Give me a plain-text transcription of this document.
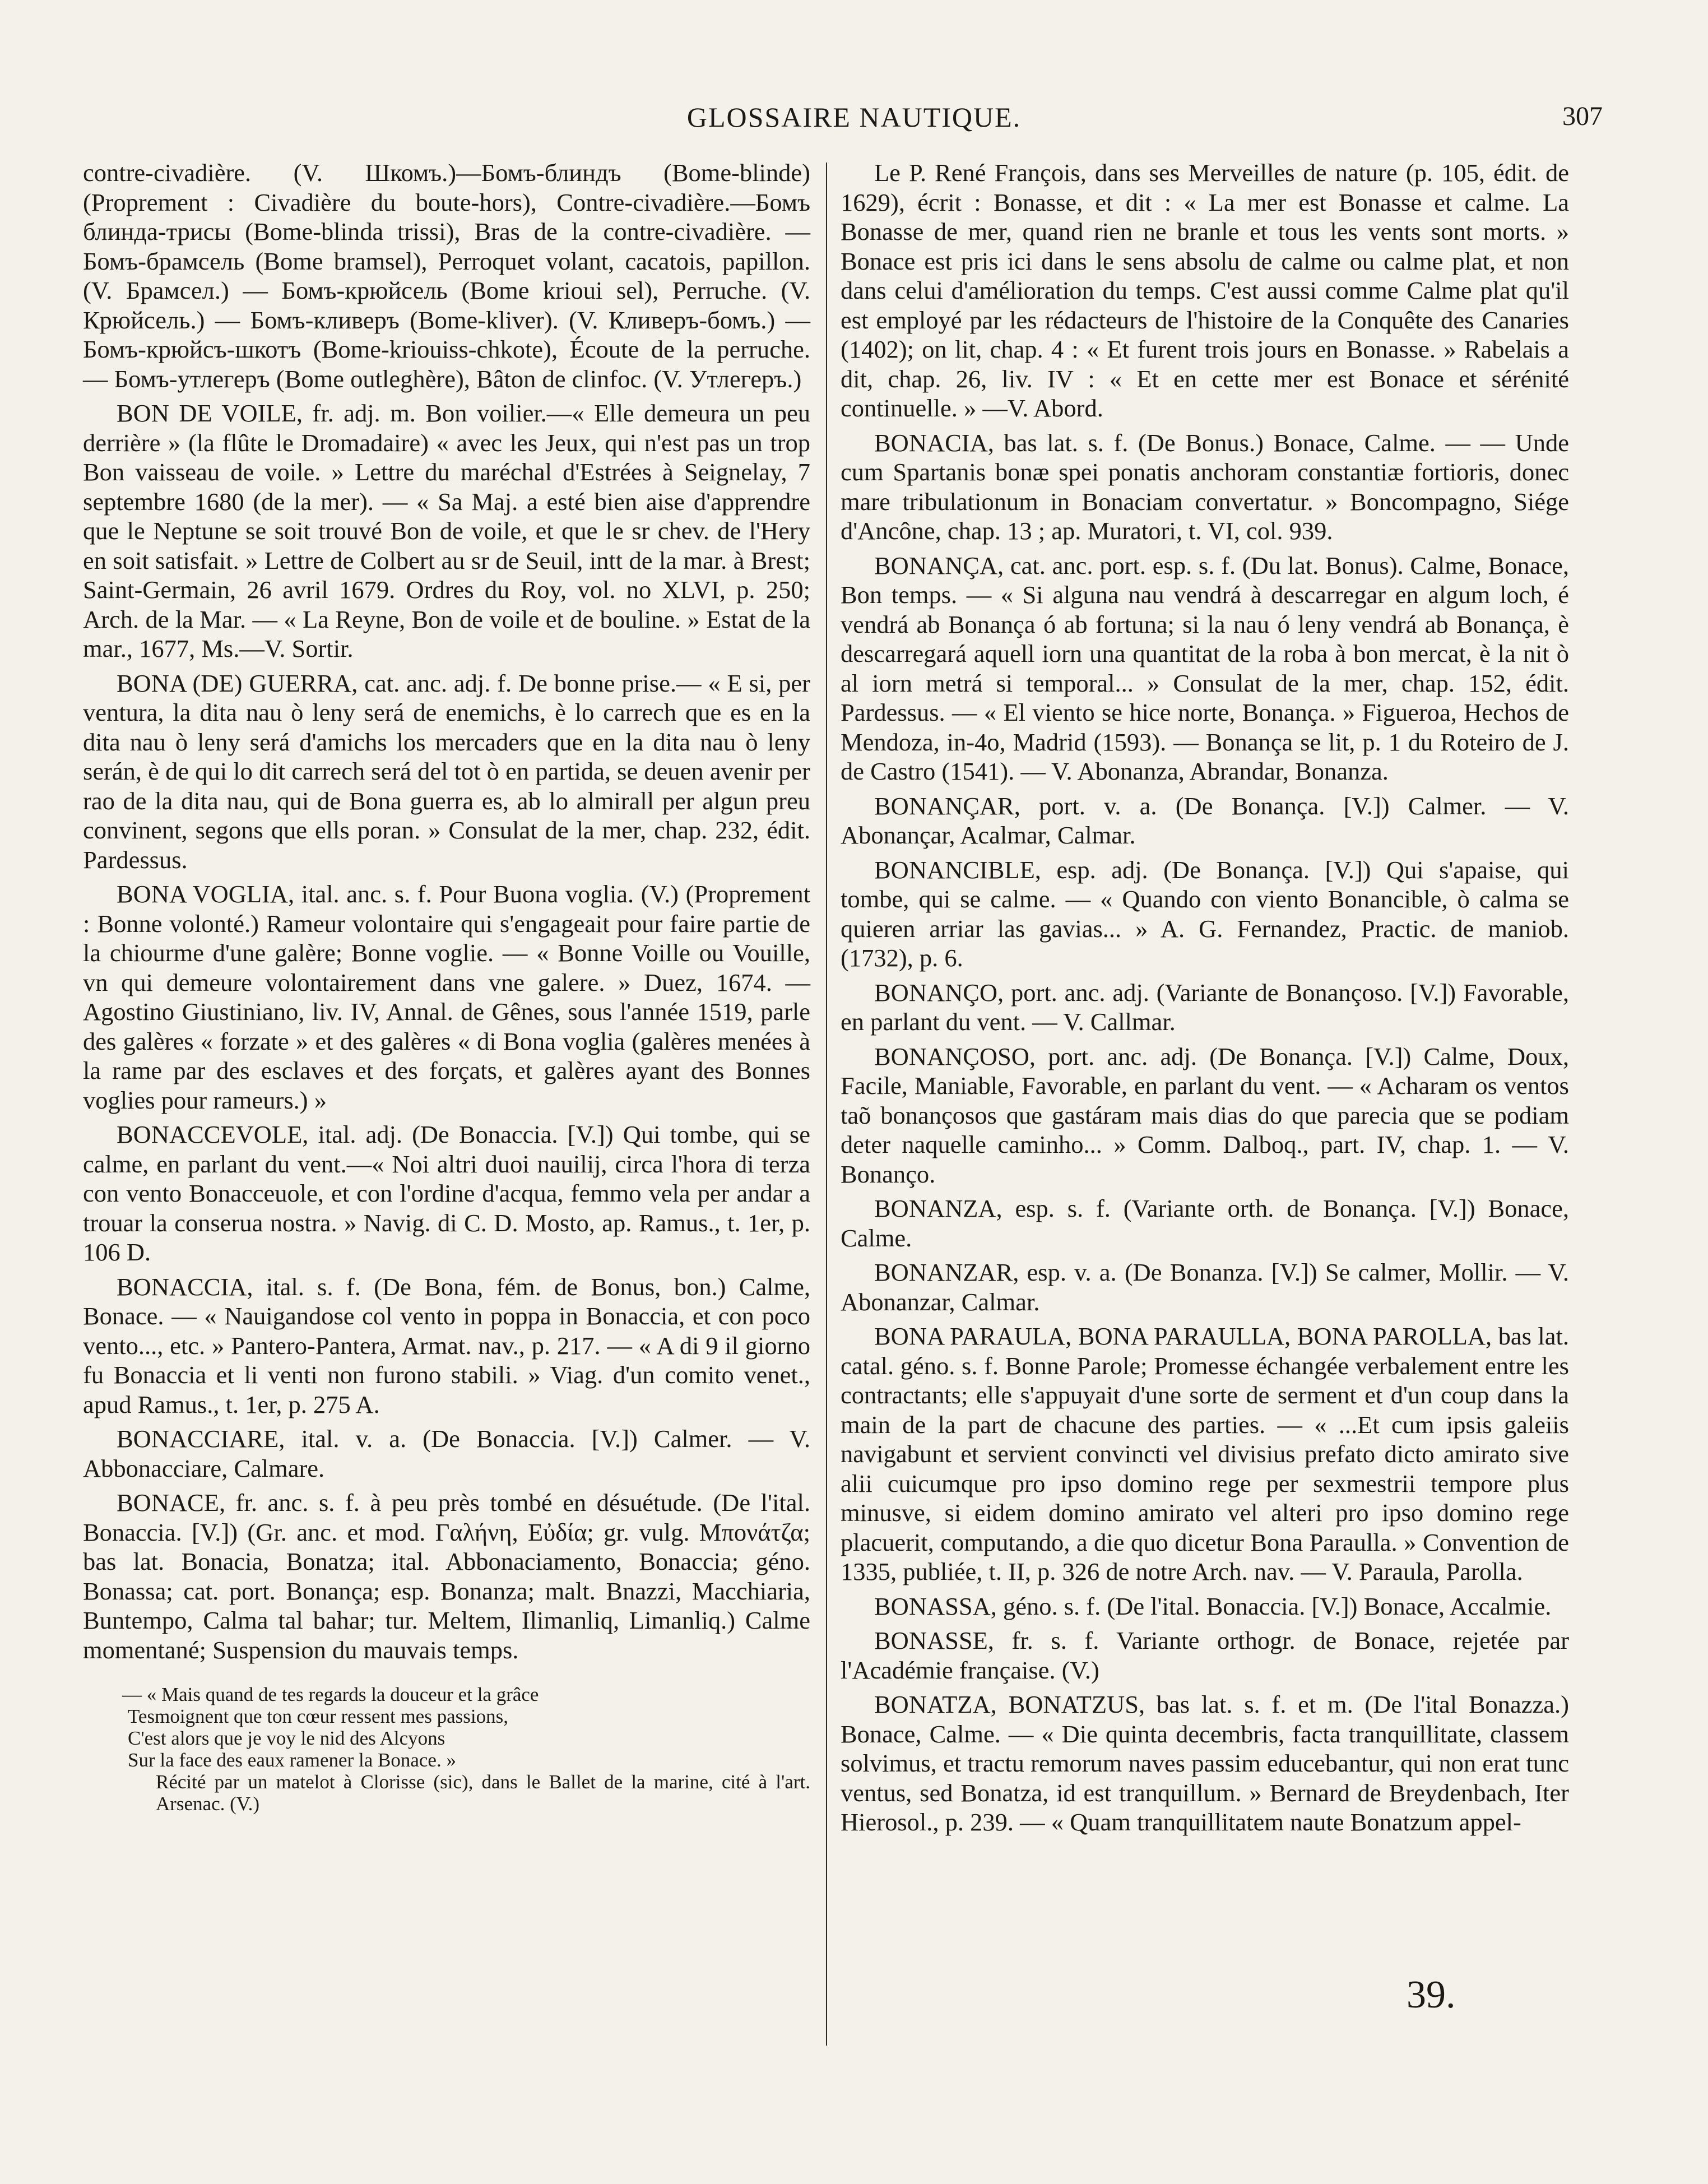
GLOSSAIRE NAUTIQUE.	307

contre-civadière. (V. Шкомъ.)—Бомъ-блиндъ (Bome-blinde) (Proprement : Civadière du boute-hors), Contre-civadière.—Бомъ блинда-триcы (Bome-blinda trissi), Bras de la contre-civadière. — Бомъ-брамсель (Bome bramsel), Perroquet volant, cacatois, papillon. (V. Брамсел.) — Бомъ-крюйсель (Bome krioui sel), Perruche. (V. Крюйсель.) — Бомъ-кливеръ (Bome-kliver). (V. Кливеръ-бомъ.) — Бомъ-крюйсъ-шкотъ (Bome-kriouiss-chkote), Écoute de la perruche. — Бомъ-утлегеръ (Bome outleghère), Bâton de clinfoc. (V. Утлегеръ.)

BON DE VOILE, fr. adj. m. Bon voilier.—« Elle demeura un peu derrière » (la flûte le Dromadaire) « avec les Jeux, qui n'est pas un trop Bon vaisseau de voile. » Lettre du maréchal d'Estrées à Seignelay, 7 septembre 1680 (de la mer). — « Sa Maj. a esté bien aise d'apprendre que le Neptune se soit trouvé Bon de voile, et que le sr chev. de l'Hery en soit satisfait. » Lettre de Colbert au sr de Seuil, intt de la mar. à Brest; Saint-Germain, 26 avril 1679. Ordres du Roy, vol. no XLVI, p. 250; Arch. de la Mar. — « La Reyne, Bon de voile et de bouline. » Estat de la mar., 1677, Ms.—V. Sortir.

BONA (DE) GUERRA, cat. anc. adj. f. De bonne prise.— « E si, per ventura, la dita nau ò leny será de enemichs, è lo carrech que es en la dita nau ò leny será d'amichs los mercaders que en la dita nau ò leny serán, è de qui lo dit carrech será del tot ò en partida, se deuen avenir per rao de la dita nau, qui de Bona guerra es, ab lo almirall per algun preu convinent, segons que ells poran. » Consulat de la mer, chap. 232, édit. Pardessus.

BONA VOGLIA, ital. anc. s. f. Pour Buona voglia. (V.) (Proprement : Bonne volonté.) Rameur volontaire qui s'engageait pour faire partie de la chiourme d'une galère; Bonne voglie. — « Bonne Voille ou Vouille, vn qui demeure volontairement dans vne galere. » Duez, 1674. — Agostino Giustiniano, liv. IV, Annal. de Gênes, sous l'année 1519, parle des galères « forzate » et des galères « di Bona voglia (galères menées à la rame par des esclaves et des forçats, et galères ayant des Bonnes voglies pour rameurs.) »

BONACCEVOLE, ital. adj. (De Bonaccia. [V.]) Qui tombe, qui se calme, en parlant du vent.—« Noi altri duoi nauilij, circa l'hora di terza con vento Bonacceuole, et con l'ordine d'acqua, femmo vela per andar a trouar la conserua nostra. » Navig. di C. D. Mosto, ap. Ramus., t. 1er, p. 106 D.

BONACCIA, ital. s. f. (De Bona, fém. de Bonus, bon.) Calme, Bonace. — « Nauigandose col vento in poppa in Bonaccia, et con poco vento..., etc. » Pantero-Pantera, Armat. nav., p. 217. — « A di 9 il giorno fu Bonaccia et li venti non furono stabili. » Viag. d'un comito venet., apud Ramus., t. 1er, p. 275 A.

BONACCIARE, ital. v. a. (De Bonaccia. [V.]) Calmer. — V. Abbonacciare, Calmare.

BONACE, fr. anc. s. f. à peu près tombé en désuétude. (De l'ital. Bonaccia. [V.]) (Gr. anc. et mod. Γαλήνη, Εὐδία; gr. vulg. Μπονάτζα; bas lat. Bonacia, Bonatza; ital. Abbonaciamento, Bonaccia; géno. Bonassa; cat. port. Bonança; esp. Bonanza; malt. Bnazzi, Macchiaria, Buntempo, Calma tal bahar; tur. Meltem, Ilimanliq, Limanliq.) Calme momentané; Suspension du mauvais temps.

— « Mais quand de tes regards la douceur et la grâce
Tesmoignent que ton cœur ressent mes passions,
C'est alors que je voy le nid des Alcyons
Sur la face des eaux ramener la Bonace. »
Récité par un matelot à Clorisse (sic), dans le Ballet de la marine, cité à l'art. Arsenac. (V.)

Le P. René François, dans ses Merveilles de nature (p. 105, édit. de 1629), écrit : Bonasse, et dit : « La mer est Bonasse et calme. La Bonasse de mer, quand rien ne branle et tous les vents sont morts. » Bonace est pris ici dans le sens absolu de calme ou calme plat, et non dans celui d'amélioration du temps. C'est aussi comme Calme plat qu'il est employé par les rédacteurs de l'histoire de la Conquête des Canaries (1402); on lit, chap. 4 : « Et furent trois jours en Bonasse. » Rabelais a dit, chap. 26, liv. IV : « Et en cette mer est Bonace et sérénité continuelle. » —V. Abord.

BONACIA, bas lat. s. f. (De Bonus.) Bonace, Calme. — — Unde cum Spartanis bonæ spei ponatis anchoram constantiæ fortioris, donec mare tribulationum in Bonaciam convertatur. » Boncompagno, Siége d'Ancône, chap. 13 ; ap. Muratori, t. VI, col. 939.

BONANÇA, cat. anc. port. esp. s. f. (Du lat. Bonus). Calme, Bonace, Bon temps. — « Si alguna nau vendrá à descarregar en algum loch, é vendrá ab Bonança ó ab fortuna; si la nau ó leny vendrá ab Bonança, è descarregará aquell iorn una quantitat de la roba à bon mercat, è la nit ò al iorn metrá si temporal... » Consulat de la mer, chap. 152, édit. Pardessus. — « El viento se hice norte, Bonança. » Figueroa, Hechos de Mendoza, in-4o, Madrid (1593). — Bonança se lit, p. 1 du Roteiro de J. de Castro (1541). — V. Abonanza, Abrandar, Bonanza.

BONANÇAR, port. v. a. (De Bonança. [V.]) Calmer. — V. Abonançar, Acalmar, Calmar.

BONANCIBLE, esp. adj. (De Bonança. [V.]) Qui s'apaise, qui tombe, qui se calme. — « Quando con viento Bonancible, ò calma se quieren arriar las gavias... » A. G. Fernandez, Practic. de maniob. (1732), p. 6.

BONANÇO, port. anc. adj. (Variante de Bonançoso. [V.]) Favorable, en parlant du vent. — V. Callmar.

BONANÇOSO, port. anc. adj. (De Bonança. [V.]) Calme, Doux, Facile, Maniable, Favorable, en parlant du vent. — « Acharam os ventos taõ bonançosos que gastáram mais dias do que parecia que se podiam deter naquelle caminho... » Comm. Dalboq., part. IV, chap. 1. — V. Bonanço.

BONANZA, esp. s. f. (Variante orth. de Bonança. [V.]) Bonace, Calme.

BONANZAR, esp. v. a. (De Bonanza. [V.]) Se calmer, Mollir. — V. Abonanzar, Calmar.

BONA PARAULA, BONA PARAULLA, BONA PAROLLA, bas lat. catal. géno. s. f. Bonne Parole; Promesse échangée verbalement entre les contractants; elle s'appuyait d'une sorte de serment et d'un coup dans la main de la part de chacune des parties. — « ...Et cum ipsis galeiis navigabunt et servient convincti vel divisius prefato dicto amirato sive alii cuicumque pro ipso domino rege per sexmestrii tempore plus minusve, si eidem domino amirato vel alteri pro ipso domino rege placuerit, computando, a die quo dicetur Bona Paraulla. » Convention de 1335, publiée, t. II, p. 326 de notre Arch. nav. — V. Paraula, Parolla.

BONASSA, géno. s. f. (De l'ital. Bonaccia. [V.]) Bonace, Accalmie.

BONASSE, fr. s. f. Variante orthogr. de Bonace, rejetée par l'Académie française. (V.)

BONATZA, BONATZUS, bas lat. s. f. et m. (De l'ital Bonazza.) Bonace, Calme. — « Die quinta decembris, facta tranquillitate, classem solvimus, et tractu remorum naves passim educebantur, qui non erat tunc ventus, sed Bonatza, id est tranquillum. » Bernard de Breydenbach, Iter Hierosol., p. 239. — « Quam tranquillitatem naute Bonatzum appel-

39.
